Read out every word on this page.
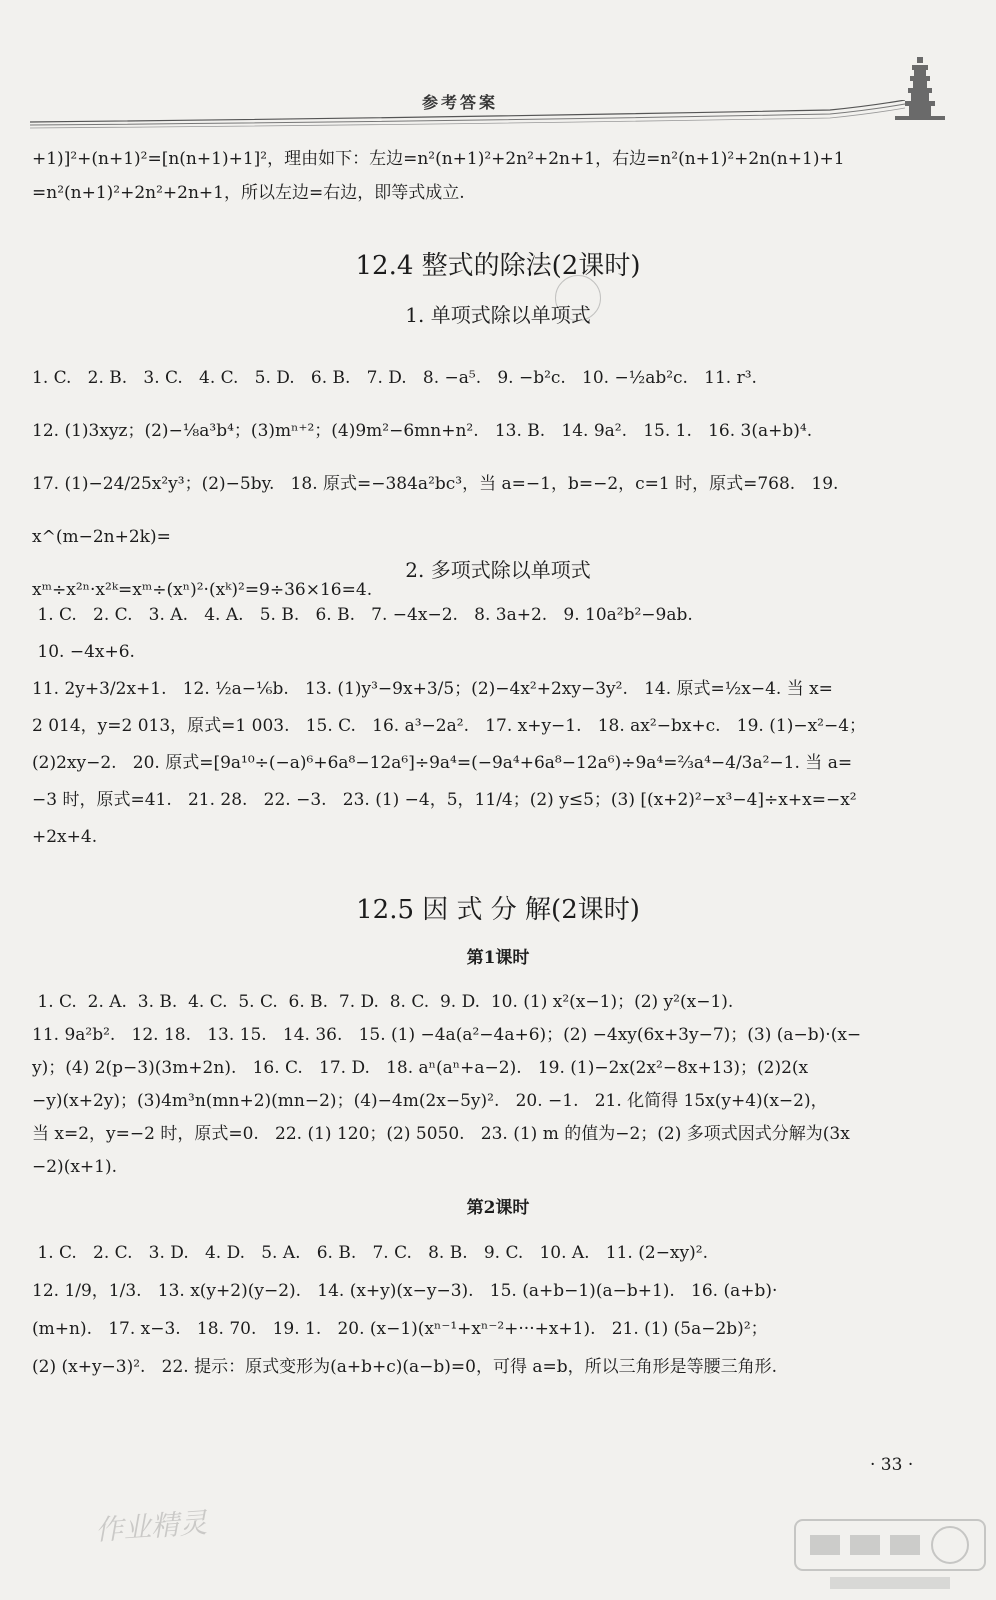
参考答案
+1)]²+(n+1)²=[n(n+1)+1]²，理由如下：左边=n²(n+1)²+2n²+2n+1，右边=n²(n+1)²+2n(n+1)+1
=n²(n+1)²+2n²+2n+1，所以左边=右边，即等式成立.
12.4 整式的除法(2课时)
1. 单项式除以单项式
1. C.   2. B.   3. C.   4. C.   5. D.   6. B.   7. D.   8. −a⁵.   9. −b²c.   10. −½ab²c.   11. r³.
12. (1)3xyz；(2)−⅛a³b⁴；(3)mⁿ⁺²；(4)9m²−6mn+n².   13. B.   14. 9a².   15. 1.   16. 3(a+b)⁴.
17. (1)−24/25x²y³；(2)−5by.   18. 原式=−384a²bc³，当 a=−1，b=−2，c=1 时，原式=768.   19. x^(m−2n+2k)=
xᵐ÷x²ⁿ·x²ᵏ=xᵐ÷(xⁿ)²·(xᵏ)²=9÷36×16=4.
2. 多项式除以单项式
1. C.   2. C.   3. A.   4. A.   5. B.   6. B.   7. −4x−2.   8. 3a+2.   9. 10a²b²−9ab.
10. −4x+6.
11. 2y+3/2x+1.   12. ½a−⅙b.   13. (1)y³−9x+3/5；(2)−4x²+2xy−3y².   14. 原式=½x−4. 当 x=
2 014，y=2 013，原式=1 003.   15. C.   16. a³−2a².   17. x+y−1.   18. ax²−bx+c.   19. (1)−x²−4；
(2)2xy−2.   20. 原式=[9a¹⁰÷(−a)⁶+6a⁸−12a⁶]÷9a⁴=(−9a⁴+6a⁸−12a⁶)÷9a⁴=⅔a⁴−4/3a²−1. 当 a=
−3 时，原式=41.   21. 28.   22. −3.   23. (1) −4，5，11/4；(2) y≤5；(3) [(x+2)²−x³−4]÷x+x=−x²
+2x+4.
12.5 因 式 分 解(2课时)
第1课时
1. C.  2. A.  3. B.  4. C.  5. C.  6. B.  7. D.  8. C.  9. D.  10. (1) x²(x−1)；(2) y²(x−1).
11. 9a²b².   12. 18.   13. 15.   14. 36.   15. (1) −4a(a²−4a+6)；(2) −4xy(6x+3y−7)；(3) (a−b)·(x−
y)；(4) 2(p−3)(3m+2n).   16. C.   17. D.   18. aⁿ(aⁿ+a−2).   19. (1)−2x(2x²−8x+13)；(2)2(x
−y)(x+2y)；(3)4m³n(mn+2)(mn−2)；(4)−4m(2x−5y)².   20. −1.   21. 化简得 15x(y+4)(x−2)，
当 x=2，y=−2 时，原式=0.   22. (1) 120；(2) 5050.   23. (1) m 的值为−2；(2) 多项式因式分解为(3x
−2)(x+1).
第2课时
1. C.   2. C.   3. D.   4. D.   5. A.   6. B.   7. C.   8. B.   9. C.   10. A.   11. (2−xy)².
12. 1/9，1/3.   13. x(y+2)(y−2).   14. (x+y)(x−y−3).   15. (a+b−1)(a−b+1).   16. (a+b)·
(m+n).   17. x−3.   18. 70.   19. 1.   20. (x−1)(xⁿ⁻¹+xⁿ⁻²+···+x+1).   21. (1) (5a−2b)²；
(2) (x+y−3)².   22. 提示：原式变形为(a+b+c)(a−b)=0，可得 a=b，所以三角形是等腰三角形.
· 33 ·
作业精灵
